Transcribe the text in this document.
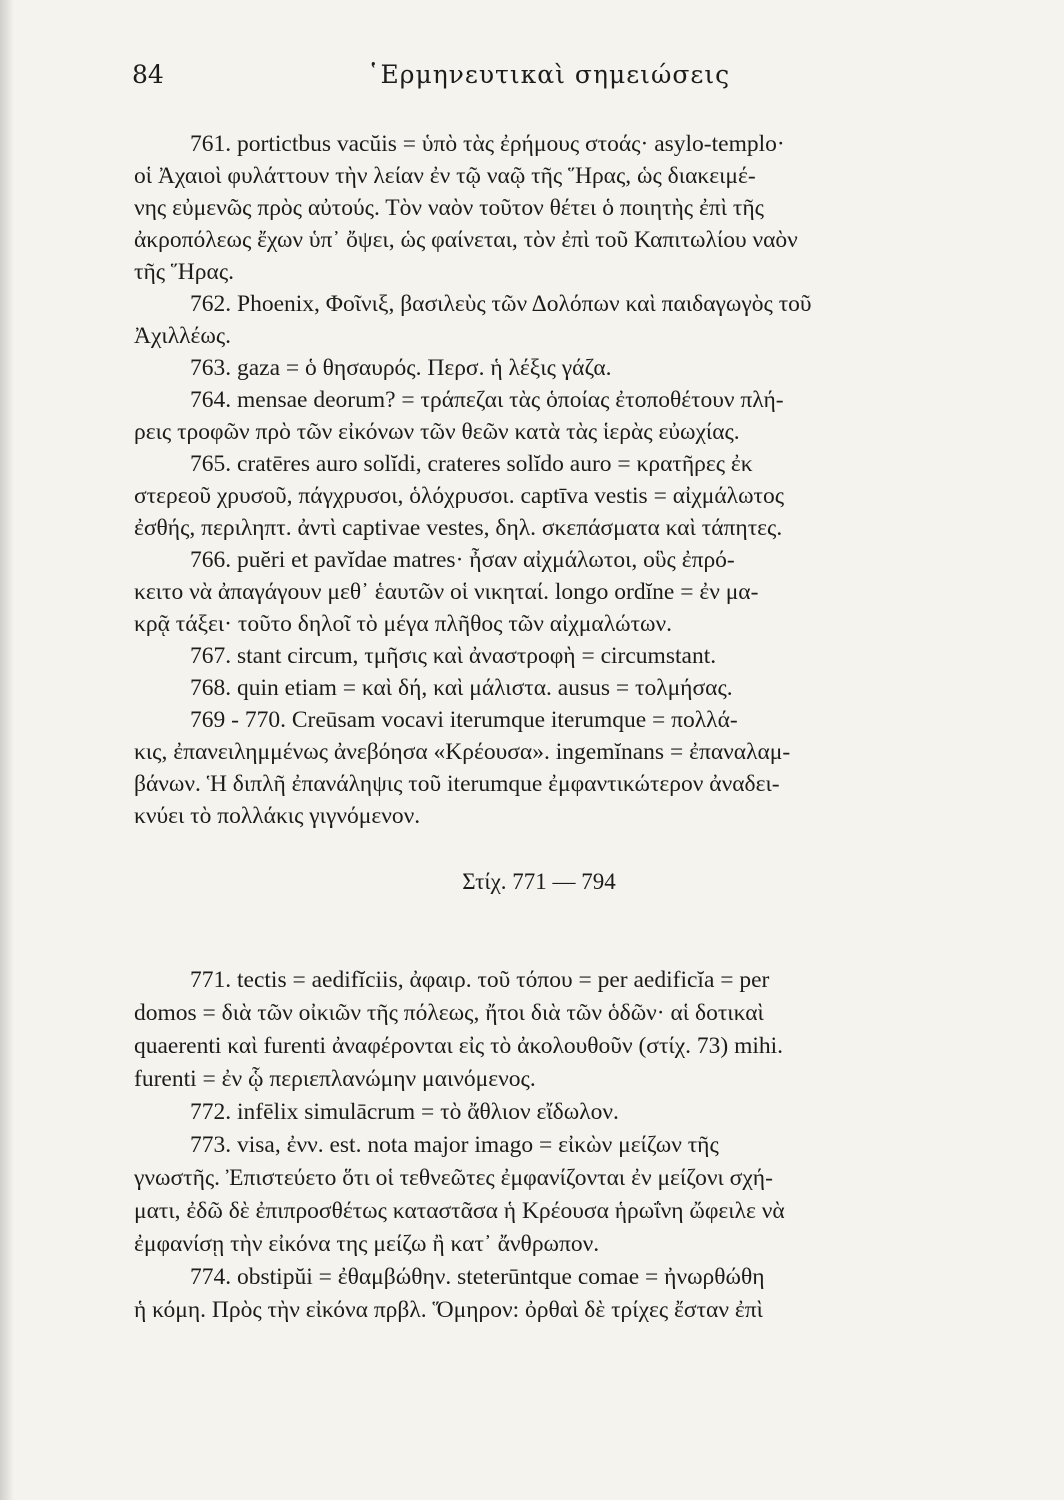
84	῾Ερμηνευτικαὶ σημειώσεις
761. portictbus vacŭis = ὑπὸ τὰς ἐρήμους στοάς· asylo-templo·
οἱ Ἀχαιοὶ φυλάττουν τὴν λείαν ἐν τῷ ναῷ τῆς Ἥρας, ὡς διακειμέ-
νης εὐμενῶς πρὸς αὐτούς. Τὸν ναὸν τοῦτον θέτει ὁ ποιητὴς ἐπὶ τῆς
ἀκροπόλεως ἔχων ὑπ᾽ ὄψει, ὡς φαίνεται, τὸν ἐπὶ τοῦ Καπιτωλίου ναὸν
τῆς Ἥρας.
762. Phoenix, Φοῖνιξ, βασιλεὺς τῶν Δολόπων καὶ παιδαγωγὸς τοῦ
Ἀχιλλέως.
763. gaza = ὁ θησαυρός. Περσ. ἡ λέξις γάζα.
764. mensae deorum? = τράπεζαι τὰς ὁποίας ἐτοποθέτουν πλή-
ρεις τροφῶν πρὸ τῶν εἰκόνων τῶν θεῶν κατὰ τὰς ἱερὰς εὐωχίας.
765. cratēres auro solĭdi, crateres solĭdo auro = κρατῆρες ἐκ
στερεοῦ χρυσοῦ, πάγχρυσοι, ὁλόχρυσοι. captīva vestis = αἰχμάλωτος
ἐσθής, περιληπτ. ἀντὶ captivae vestes, δηλ. σκεπάσματα καὶ τάπητες.
766. puĕri et pavĭdae matres· ἦσαν αἰχμάλωτοι, οὓς ἐπρό-
κειτο νὰ ἀπαγάγουν μεθ᾽ ἑαυτῶν οἱ νικηταί. longo ordĭne = ἐν μα-
κρᾷ τάξει· τοῦτο δηλοῖ τὸ μέγα πλῆθος τῶν αἰχμαλώτων.
767. stant circum, τμῆσις καὶ ἀναστροφὴ = circumstant.
768. quin etiam = καὶ δή, καὶ μάλιστα. ausus = τολμήσας.
769 - 770. Creūsam vocavi iterumque iterumque = πολλά-
κις, ἐπανειλημμένως ἀνεβόησα «Κρέουσα». ingemĭnans = ἐπαναλαμ-
βάνων. Ἡ διπλῆ ἐπανάληψις τοῦ iterumque ἐμφαντικώτερον ἀναδει-
κνύει τὸ πολλάκις γιγνόμενον.
Στίχ. 771 — 794
771. tectis = aedifĭciis, ἀφαιρ. τοῦ τόπου = per aedificĭa = per
domos = διὰ τῶν οἰκιῶν τῆς πόλεως, ἤτοι διὰ τῶν ὁδῶν· αἱ δοτικαὶ
quaerenti καὶ furenti ἀναφέρονται εἰς τὸ ἀκολουθοῦν (στίχ. 73) mihi.
furenti = ἐν ᾧ περιεπλανώμην μαινόμενος.
772. infēlix simulācrum = τὸ ἄθλιον εἴδωλον.
773. visa, ἐνν. est. nota major imago = εἰκὼν μείζων τῆς
γνωστῆς. Ἐπιστεύετο ὅτι οἱ τεθνεῶτες ἐμφανίζονται ἐν μείζονι σχή-
ματι, ἐδῶ δὲ ἐπιπροσθέτως καταστᾶσα ἡ Κρέουσα ἡρωΐνη ὤφειλε νὰ
ἐμφανίσῃ τὴν εἰκόνα της μείζω ἢ κατ᾽ ἄνθρωπον.
774. obstipŭi = ἐθαμβώθην. steterūntque comae = ἠνωρθώθη
ἡ κόμη. Πρὸς τὴν εἰκόνα πρβλ. Ὅμηρον: ὀρθαὶ δὲ τρίχες ἔσταν ἐπὶ
